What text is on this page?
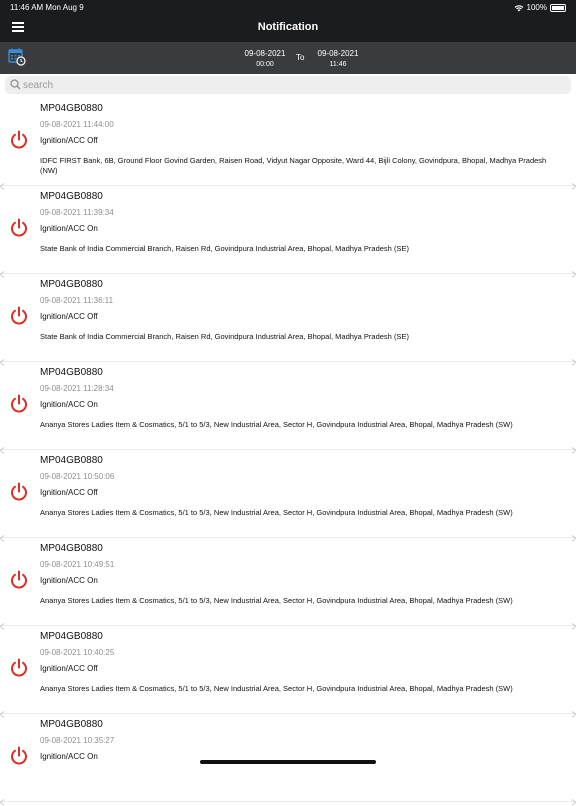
11:46 AM Mon Aug 9	100%
Notification
09-08-2021
00:00
To	09-08-2021
11:46
search
MP04GB0880
09-08-2021 11:44:00
Ignition/ACC Off
IDFC FIRST Bank, 6B, Ground Floor Govind Garden, Raisen Road, Vidyut Nagar Opposite, Ward 44, Bijli Colony, Govindpura, Bhopal, Madhya Pradesh (NW)
MP04GB0880
09-08-2021 11:39:34
Ignition/ACC On
State Bank of India Commercial Branch, Raisen Rd, Govindpura Industrial Area, Bhopal, Madhya Pradesh (SE)
MP04GB0880
09-08-2021 11:36:11
Ignition/ACC Off
State Bank of India Commercial Branch, Raisen Rd, Govindpura Industrial Area, Bhopal, Madhya Pradesh (SE)
MP04GB0880
09-08-2021 11:28:34
Ignition/ACC On
Ananya Stores Ladies Item & Cosmatics, 5/1 to 5/3, New Industrial Area, Sector H, Govindpura Industrial Area, Bhopal, Madhya Pradesh (SW)
MP04GB0880
09-08-2021 10:50:06
Ignition/ACC Off
Ananya Stores Ladies Item & Cosmatics, 5/1 to 5/3, New Industrial Area, Sector H, Govindpura Industrial Area, Bhopal, Madhya Pradesh (SW)
MP04GB0880
09-08-2021 10:49:51
Ignition/ACC On
Ananya Stores Ladies Item & Cosmatics, 5/1 to 5/3, New Industrial Area, Sector H, Govindpura Industrial Area, Bhopal, Madhya Pradesh (SW)
MP04GB0880
09-08-2021 10:40:25
Ignition/ACC Off
Ananya Stores Ladies Item & Cosmatics, 5/1 to 5/3, New Industrial Area, Sector H, Govindpura Industrial Area, Bhopal, Madhya Pradesh (SW)
MP04GB0880
09-08-2021 10:35:27
Ignition/ACC On
